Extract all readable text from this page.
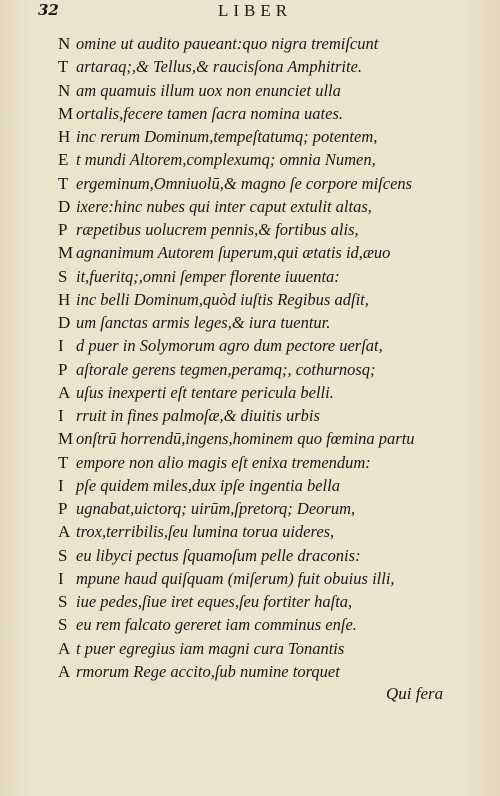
32	LIBER
N omine ut audito paueant:quo nigra tremiſcunt
T artaraq;,& Tellus,& raucisſona Amphitrite.
N am quamuis illum uox non enunciet ulla
M ortalis,fecere tamen ſacra nomina uates.
H inc rerum Dominum,tempeſtatumq; potentem,
E t mundi Altorem,complexumq; omnia Numen,
T ergeminum,Omniuolū,& magno ſe corpore miſcens
D ixere:hinc nubes qui inter caput extulit altas,
P ræpetibus uolucrem pennis,& fortibus alis,
M agnanimum Autorem ſuperum,qui ætatis id,æuo
S it,fueritq;,omni ſemper florente iuuenta:
H inc belli Dominum,quòd iuſtis Regibus adſit,
D um ſanctas armis leges,& iura tuentur.
I d puer in Solymorum agro dum pectore uerſat,
P aſtorale gerens tegmen,peramq;, cothurnosq;
A uſus inexperti eſt tentare pericula belli.
I rruit in fines palmoſæ,& diuitis urbis
M onſtrū horrendū,ingens,hominem quo fœmina partu
T empore non alio magis eſt enixa tremendum:
I pſe quidem miles,dux ipſe ingentia bella
P ugnabat,uictorq; uirūm,ſpretorq; Deorum,
A trox,terribilis,ſeu lumina torua uideres,
S eu libyci pectus ſquamoſum pelle draconis:
I mpune haud quiſquam (miſerum) fuit obuius illi,
S iue pedes,ſiue iret eques,ſeu fortiter haſta,
S eu rem falcato gereret iam comminus enſe.
A t puer egregius iam magni cura Tonantis
A rmorum Rege accito,ſub numine torquet
Qui fera
